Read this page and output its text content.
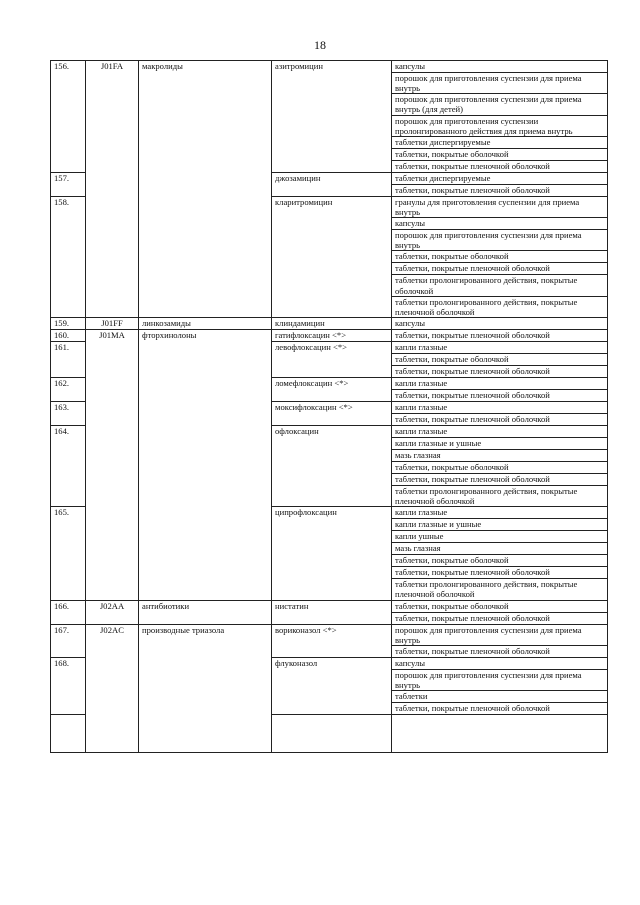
18
156.	J01FA	макролиды	азитромицин	капсулы
				порошок для приготовления суспензии для приема внутрь
				порошок для приготовления суспензии для приема внутрь (для детей)
				порошок для приготовления суспензии пролонгированного действия для приема внутрь
				таблетки диспергируемые
				таблетки, покрытые оболочкой
				таблетки, покрытые пленочной оболочкой
157.			джозамицин	таблетки диспергируемые
				таблетки, покрытые пленочной оболочкой
158.			кларитромицин	гранулы для приготовления суспензии для приема внутрь
				капсулы
				порошок для приготовления суспензии для приема внутрь
				таблетки, покрытые оболочкой
				таблетки, покрытые пленочной оболочкой
				таблетки пролонгированного действия, покрытые оболочкой
				таблетки пролонгированного действия, покрытые пленочной оболочкой
159.	J01FF	линкозамиды	клиндамицин	капсулы
160.	J01MA	фторхинолоны	гатифлоксацин <*>	таблетки, покрытые пленочной оболочкой
161.			левофлоксацин <*>	капли глазные
				таблетки, покрытые оболочкой
				таблетки, покрытые пленочной оболочкой
162.			ломефлоксацин <*>	капли глазные
				таблетки, покрытые пленочной оболочкой
163.			моксифлоксацин <*>	капли глазные
				таблетки, покрытые пленочной оболочкой
164.			офлоксацин	капли глазные
				капли глазные и ушные
				мазь глазная
				таблетки, покрытые оболочкой
				таблетки, покрытые пленочной оболочкой
				таблетки пролонгированного действия, покрытые пленочной оболочкой
165.			ципрофлоксацин	капли глазные
				капли глазные и ушные
				капли ушные
				мазь глазная
				таблетки, покрытые оболочкой
				таблетки, покрытые пленочной оболочкой
				таблетки пролонгированного действия, покрытые пленочной оболочкой
166.	J02AA	антибиотики	нистатин	таблетки, покрытые оболочкой
				таблетки, покрытые пленочной оболочкой
167.	J02AC	производные триазола	вориконазол <*>	порошок для приготовления суспензии для приема внутрь
				таблетки, покрытые пленочной оболочкой
168.			флуконазол	капсулы
				порошок для приготовления суспензии для приема внутрь
				таблетки
				таблетки, покрытые пленочной оболочкой
